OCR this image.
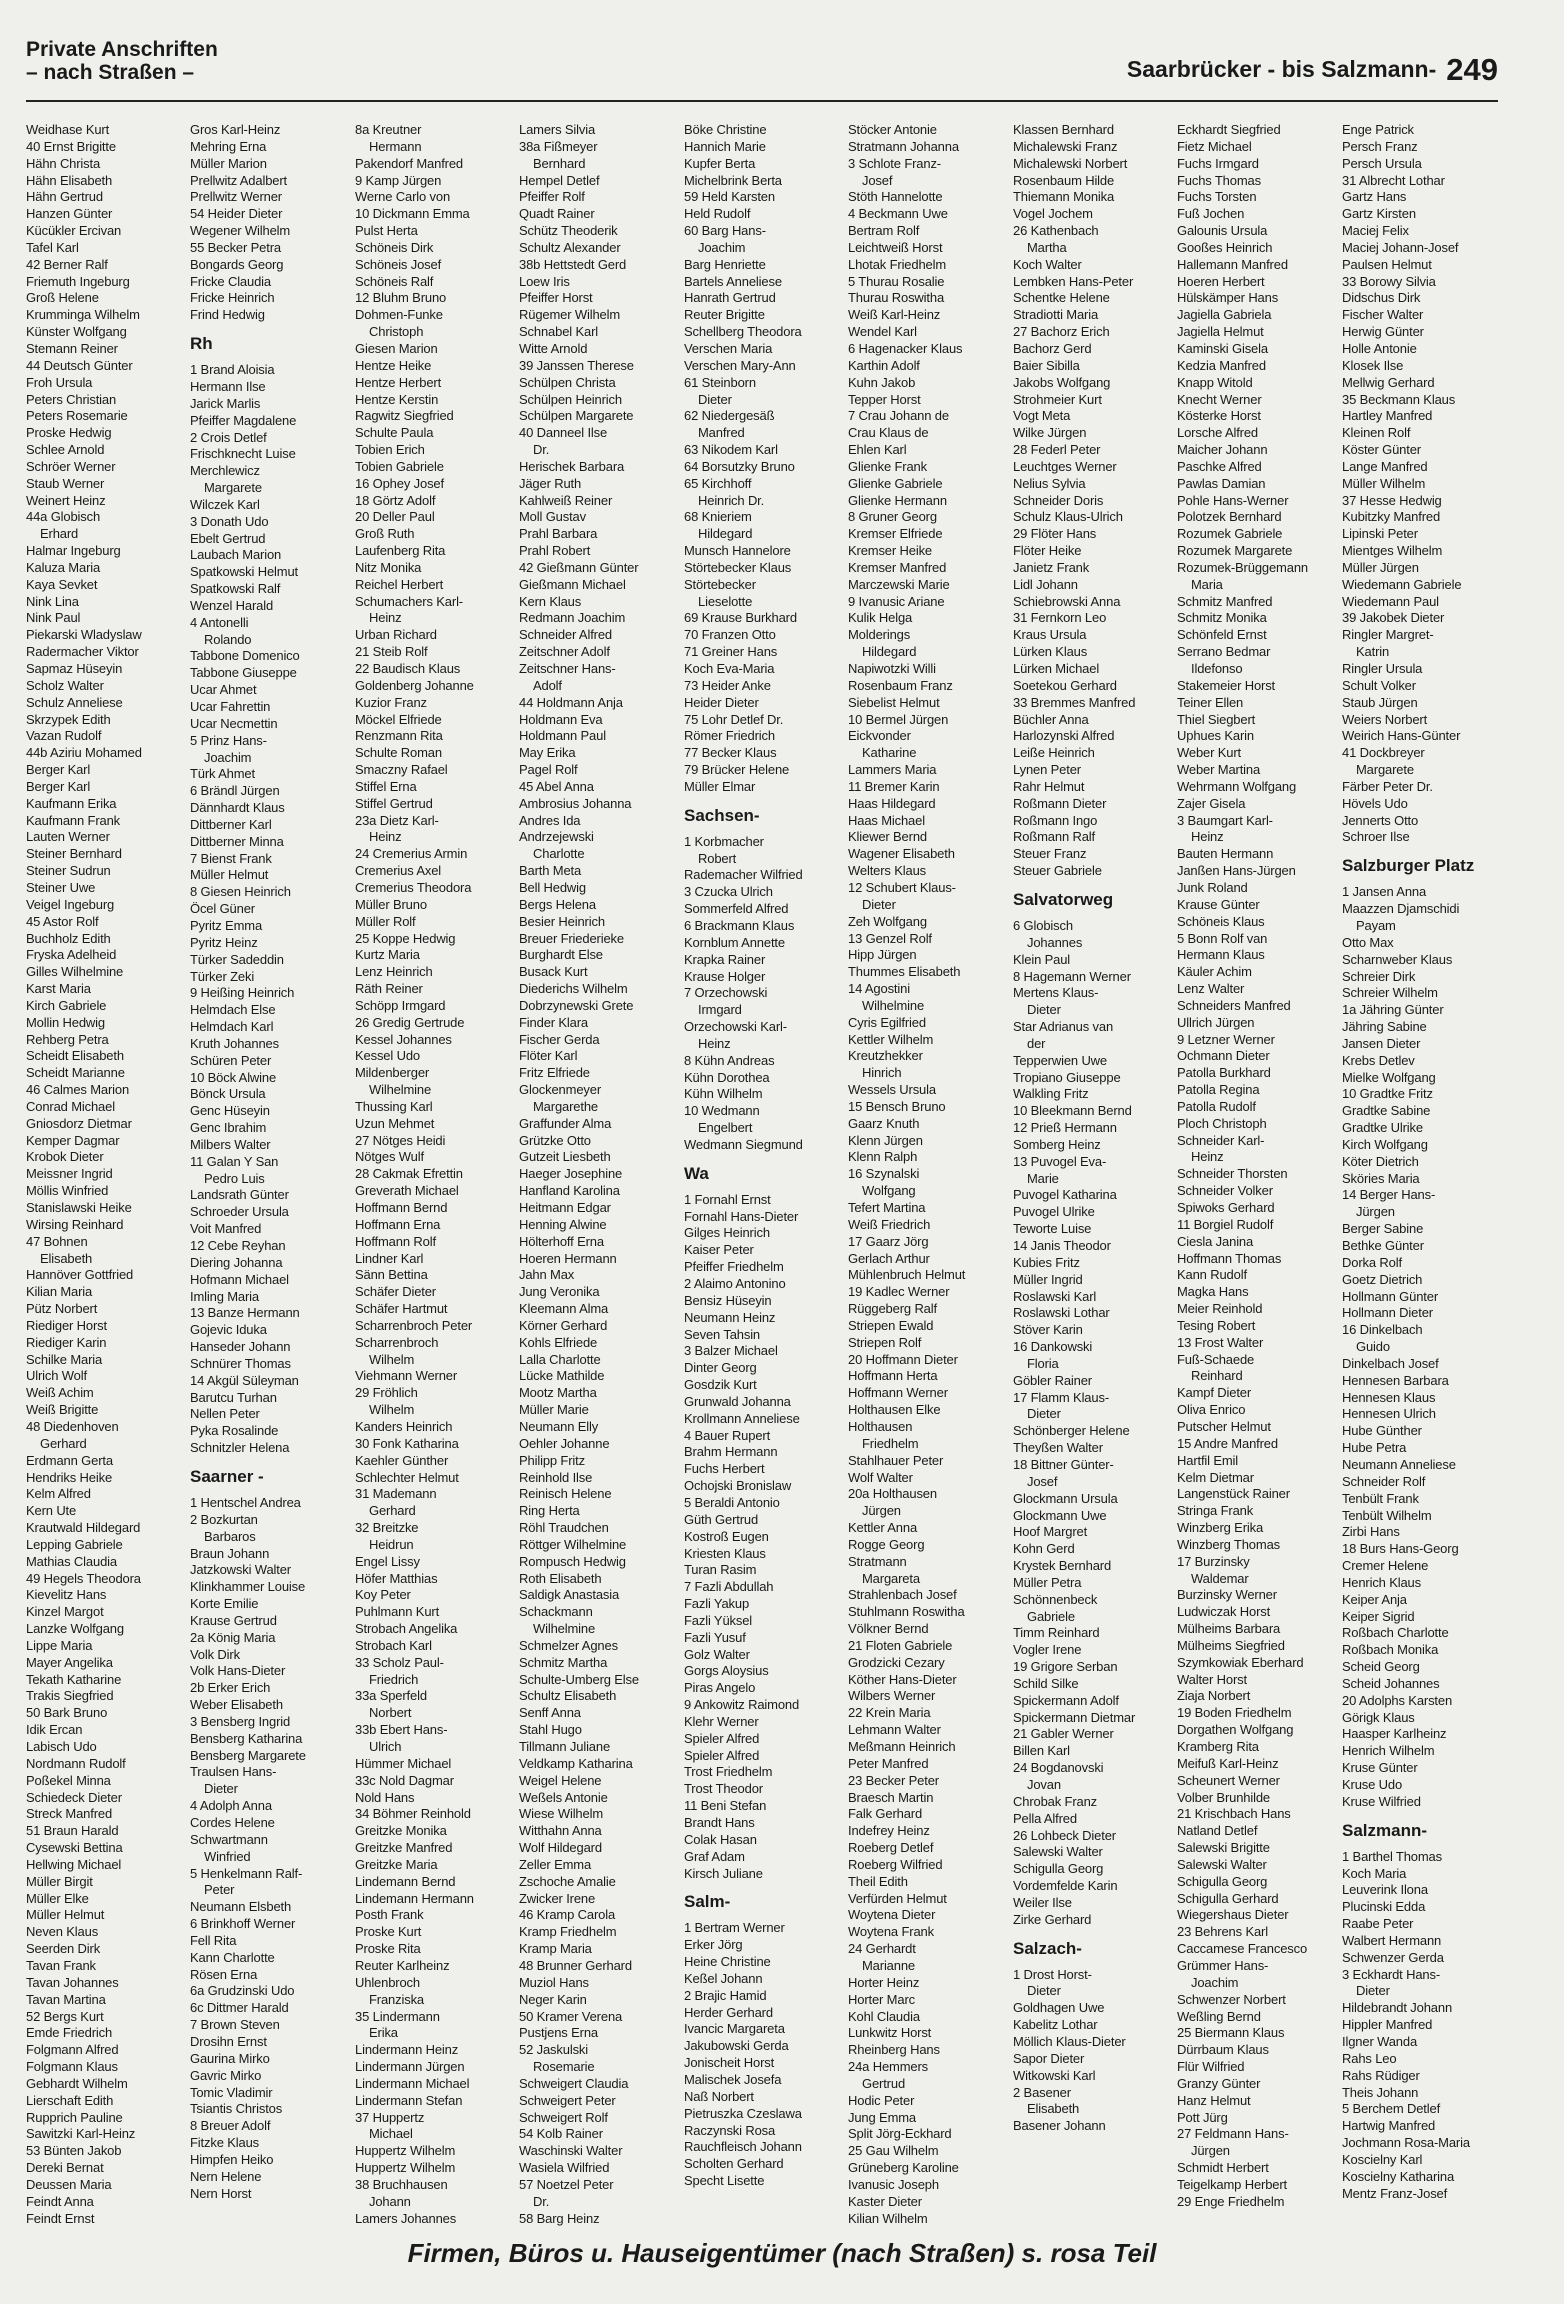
Private Anschriften
– nach Straßen –	Saarbrücker - bis Salzmann- 249
Weidhase Kurt
40 Ernst Brigitte
Hähn Christa
Hähn Elisabeth
Hähn Gertrud
Hanzen Günter
Kücükler Ercivan
Tafel Karl
42 Berner Ralf
Friemuth Ingeburg
Groß Helene
Krumminga Wilhelm
Künster Wolfgang
Stemann Reiner
44 Deutsch Günter
Froh Ursula
Peters Christian
Peters Rosemarie
Proske Hedwig
Schlee Arnold
Schröer Werner
Staub Werner
Weinert Heinz
44a Globisch
Erhard
Halmar Ingeburg
Kaluza Maria
Kaya Sevket
Nink Lina
Nink Paul
Piekarski Wladyslaw
Radermacher Viktor
Sapmaz Hüseyin
Scholz Walter
Schulz Anneliese
Skrzypek Edith
Vazan Rudolf
44b Aziriu Mohamed
Berger Karl
Berger Karl
Kaufmann Erika
Kaufmann Frank
Lauten Werner
Steiner Bernhard
Steiner Sudrun
Steiner Uwe
Veigel Ingeburg
45 Astor Rolf
Buchholz Edith
Fryska Adelheid
Gilles Wilhelmine
Karst Maria
Kirch Gabriele
Mollin Hedwig
Rehberg Petra
Scheidt Elisabeth
Scheidt Marianne
46 Calmes Marion
Conrad Michael
Gniosdorz Dietmar
Kemper Dagmar
Krobok Dieter
Meissner Ingrid
Möllis Winfried
Stanislawski Heike
Wirsing Reinhard
47 Bohnen
Elisabeth
Hannöver Gottfried
Kilian Maria
Pütz Norbert
Riediger Horst
Riediger Karin
Schilke Maria
Ulrich Wolf
Weiß Achim
Weiß Brigitte
48 Diedenhoven
Gerhard
Erdmann Gerta
Hendriks Heike
Kelm Alfred
Kern Ute
Krautwald Hildegard
Lepping Gabriele
Mathias Claudia
49 Hegels Theodora
Kievelitz Hans
Kinzel Margot
Lanzke Wolfgang
Lippe Maria
Mayer Angelika
Tekath Katharine
Trakis Siegfried
50 Bark Bruno
Idik Ercan
Labisch Udo
Nordmann Rudolf
Poßekel Minna
Schiedeck Dieter
Streck Manfred
51 Braun Harald
Cysewski Bettina
Hellwing Michael
Müller Birgit
Müller Elke
Müller Helmut
Neven Klaus
Seerden Dirk
Tavan Frank
Tavan Johannes
Tavan Martina
52 Bergs Kurt
Emde Friedrich
Folgmann Alfred
Folgmann Klaus
Gebhardt Wilhelm
Lierschaft Edith
Rupprich Pauline
Sawitzki Karl-Heinz
53 Bünten Jakob
Dereki Bernat
Deussen Maria
Feindt Anna
Feindt Ernst
Gros Karl-Heinz
Mehring Erna
Müller Marion
Prellwitz Adalbert
Prellwitz Werner
54 Heider Dieter
Wegener Wilhelm
55 Becker Petra
Bongards Georg
Fricke Claudia
Fricke Heinrich
Frind Hedwig
Rh
1 Brand Aloisia
Hermann Ilse
Jarick Marlis
Pfeiffer Magdalene
2 Crois Detlef
Frischknecht Luise
Merchlewicz
Margarete
Wilczek Karl
3 Donath Udo
Ebelt Gertrud
Laubach Marion
Spatkowski Helmut
Spatkowski Ralf
Wenzel Harald
4 Antonelli
Rolando
Tabbone Domenico
Tabbone Giuseppe
Ucar Ahmet
Ucar Fahrettin
Ucar Necmettin
5 Prinz Hans-
Joachim
Türk Ahmet
6 Brändl Jürgen
Dännhardt Klaus
Dittberner Karl
Dittberner Minna
7 Bienst Frank
Müller Helmut
8 Giesen Heinrich
Öcel Güner
Pyritz Emma
Pyritz Heinz
Türker Sadeddin
Türker Zeki
9 Heißing Heinrich
Helmdach Else
Helmdach Karl
Kruth Johannes
Schüren Peter
10 Böck Alwine
Bönck Ursula
Genc Hüseyin
Genc Ibrahim
Milbers Walter
11 Galan Y San
Pedro Luis
Landsrath Günter
Schroeder Ursula
Voit Manfred
12 Cebe Reyhan
Diering Johanna
Hofmann Michael
Imling Maria
13 Banze Hermann
Gojevic Iduka
Hanseder Johann
Schnürer Thomas
14 Akgül Süleyman
Barutcu Turhan
Nellen Peter
Pyka Rosalinde
Schnitzler Helena
Saarner -
1 Hentschel Andrea
2 Bozkurtan
Barbaros
Braun Johann
Jatzkowski Walter
Klinkhammer Louise
Korte Emilie
Krause Gertrud
2a König Maria
Volk Dirk
Volk Hans-Dieter
2b Erker Erich
Weber Elisabeth
3 Bensberg Ingrid
Bensberg Katharina
Bensberg Margarete
Traulsen Hans-
Dieter
4 Adolph Anna
Cordes Helene
Schwartmann
Winfried
5 Henkelmann Ralf-
Peter
Neumann Elsbeth
6 Brinkhoff Werner
Fell Rita
Kann Charlotte
Rösen Erna
6a Grudzinski Udo
6c Dittmer Harald
7 Brown Steven
Drosihn Ernst
Gaurina Mirko
Gavric Mirko
Tomic Vladimir
Tsiantis Christos
8 Breuer Adolf
Fitzke Klaus
Himpfen Heiko
Nern Helene
Nern Horst
8a Kreutner
Hermann
Pakendorf Manfred
9 Kamp Jürgen
Werne Carlo von
10 Dickmann Emma
Pulst Herta
Schöneis Dirk
Schöneis Josef
Schöneis Ralf
12 Bluhm Bruno
Dohmen-Funke
Christoph
Giesen Marion
Hentze Heike
Hentze Herbert
Hentze Kerstin
Ragwitz Siegfried
Schulte Paula
Tobien Erich
Tobien Gabriele
16 Ophey Josef
18 Görtz Adolf
20 Deller Paul
Groß Ruth
Laufenberg Rita
Nitz Monika
Reichel Herbert
Schumachers Karl-
Heinz
Urban Richard
21 Steib Rolf
22 Baudisch Klaus
Goldenberg Johanne
Kuzior Franz
Möckel Elfriede
Renzmann Rita
Schulte Roman
Smaczny Rafael
Stiffel Erna
Stiffel Gertrud
23a Dietz Karl-
Heinz
24 Cremerius Armin
Cremerius Axel
Cremerius Theodora
Müller Bruno
Müller Rolf
25 Koppe Hedwig
Kurtz Maria
Lenz Heinrich
Räth Reiner
Schöpp Irmgard
26 Gredig Gertrude
Kessel Johannes
Kessel Udo
Mildenberger
Wilhelmine
Thussing Karl
Uzun Mehmet
27 Nötges Heidi
Nötges Wulf
28 Cakmak Efrettin
Greverath Michael
Hoffmann Bernd
Hoffmann Erna
Hoffmann Rolf
Lindner Karl
Sänn Bettina
Schäfer Dieter
Schäfer Hartmut
Scharrenbroch Peter
Scharrenbroch
Wilhelm
Viehmann Werner
29 Fröhlich
Wilhelm
Kanders Heinrich
30 Fonk Katharina
Kaehler Günther
Schlechter Helmut
31 Mademann
Gerhard
32 Breitzke
Heidrun
Engel Lissy
Höfer Matthias
Koy Peter
Puhlmann Kurt
Strobach Angelika
Strobach Karl
33 Scholz Paul-
Friedrich
33a Sperfeld
Norbert
33b Ebert Hans-
Ulrich
Hümmer Michael
33c Nold Dagmar
Nold Hans
34 Böhmer Reinhold
Greitzke Monika
Greitzke Manfred
Greitzke Maria
Lindemann Bernd
Lindemann Hermann
Posth Frank
Proske Kurt
Proske Rita
Reuter Karlheinz
Uhlenbroch
Franziska
35 Lindermann
Erika
Lindermann Heinz
Lindermann Jürgen
Lindermann Michael
Lindermann Stefan
37 Huppertz
Michael
Huppertz Wilhelm
Huppertz Wilhelm
38 Bruchhausen
Johann
Lamers Johannes
Lamers Silvia
38a Fißmeyer
Bernhard
Hempel Detlef
Pfeiffer Rolf
Quadt Rainer
Schütz Theoderik
Schultz Alexander
38b Hettstedt Gerd
Loew Iris
Pfeiffer Horst
Rügemer Wilhelm
Schnabel Karl
Witte Arnold
39 Janssen Therese
Schülpen Christa
Schülpen Heinrich
Schülpen Margarete
40 Danneel Ilse
Dr.
Herischek Barbara
Jäger Ruth
Kahlweiß Reiner
Moll Gustav
Prahl Barbara
Prahl Robert
42 Gießmann Günter
Gießmann Michael
Kern Klaus
Redmann Joachim
Schneider Alfred
Zeitschner Adolf
Zeitschner Hans-
Adolf
44 Holdmann Anja
Holdmann Eva
Holdmann Paul
May Erika
Pagel Rolf
45 Abel Anna
Ambrosius Johanna
Andres Ida
Andrzejewski
Charlotte
Barth Meta
Bell Hedwig
Bergs Helena
Besier Heinrich
Breuer Friederieke
Burghardt Else
Busack Kurt
Diederichs Wilhelm
Dobrzynewski Grete
Finder Klara
Fischer Gerda
Flöter Karl
Fritz Elfriede
Glockenmeyer
Margarethe
Graffunder Alma
Grützke Otto
Gutzeit Liesbeth
Haeger Josephine
Hanfland Karolina
Heitmann Edgar
Henning Alwine
Hölterhoff Erna
Hoeren Hermann
Jahn Max
Jung Veronika
Kleemann Alma
Körner Gerhard
Kohls Elfriede
Lalla Charlotte
Lücke Mathilde
Mootz Martha
Müller Marie
Neumann Elly
Oehler Johanne
Philipp Fritz
Reinhold Ilse
Reinisch Helene
Ring Herta
Röhl Traudchen
Röttger Wilhelmine
Rompusch Hedwig
Roth Elisabeth
Saldigk Anastasia
Schackmann
Wilhelmine
Schmelzer Agnes
Schmitz Martha
Schulte-Umberg Else
Schultz Elisabeth
Senff Anna
Stahl Hugo
Tillmann Juliane
Veldkamp Katharina
Weigel Helene
Weßels Antonie
Wiese Wilhelm
Witthahn Anna
Wolf Hildegard
Zeller Emma
Zschoche Amalie
Zwicker Irene
46 Kramp Carola
Kramp Friedhelm
Kramp Maria
48 Brunner Gerhard
Muziol Hans
Neger Karin
50 Kramer Verena
Pustjens Erna
52 Jaskulski
Rosemarie
Schweigert Claudia
Schweigert Peter
Schweigert Rolf
54 Kolb Rainer
Waschinski Walter
Wasiela Wilfried
57 Noetzel Peter
Dr.
58 Barg Heinz
Böke Christine
Hannich Marie
Kupfer Berta
Michelbrink Berta
59 Held Karsten
Held Rudolf
60 Barg Hans-
Joachim
Barg Henriette
Bartels Anneliese
Hanrath Gertrud
Reuter Brigitte
Schellberg Theodora
Verschen Maria
Verschen Mary-Ann
61 Steinborn
Dieter
62 Niedergesäß
Manfred
63 Nikodem Karl
64 Borsutzky Bruno
65 Kirchhoff
Heinrich Dr.
68 Knieriem
Hildegard
Munsch Hannelore
Störtebecker Klaus
Störtebecker
Lieselotte
69 Krause Burkhard
70 Franzen Otto
71 Greiner Hans
Koch Eva-Maria
73 Heider Anke
Heider Dieter
75 Lohr Detlef Dr.
Römer Friedrich
77 Becker Klaus
79 Brücker Helene
Müller Elmar
Sachsen-
1 Korbmacher
Robert
Rademacher Wilfried
3 Czucka Ulrich
Sommerfeld Alfred
6 Brackmann Klaus
Kornblum Annette
Krapka Rainer
Krause Holger
7 Orzechowski
Irmgard
Orzechowski Karl-
Heinz
8 Kühn Andreas
Kühn Dorothea
Kühn Wilhelm
10 Wedmann
Engelbert
Wedmann Siegmund
Wa
1 Fornahl Ernst
Fornahl Hans-Dieter
Gilges Heinrich
Kaiser Peter
Pfeiffer Friedhelm
2 Alaimo Antonino
Bensiz Hüseyin
Neumann Heinz
Seven Tahsin
3 Balzer Michael
Dinter Georg
Gosdzik Kurt
Grunwald Johanna
Krollmann Anneliese
4 Bauer Rupert
Brahm Hermann
Fuchs Herbert
Ochojski Bronislaw
5 Beraldi Antonio
Güth Gertrud
Kostroß Eugen
Kriesten Klaus
Turan Rasim
7 Fazli Abdullah
Fazli Yakup
Fazli Yüksel
Fazli Yusuf
Golz Walter
Gorgs Aloysius
Piras Angelo
9 Ankowitz Raimond
Klehr Werner
Spieler Alfred
Spieler Alfred
Trost Friedhelm
Trost Theodor
11 Beni Stefan
Brandt Hans
Colak Hasan
Graf Adam
Kirsch Juliane
Salm-
1 Bertram Werner
Erker Jörg
Heine Christine
Keßel Johann
2 Brajic Hamid
Herder Gerhard
Ivancic Margareta
Jakubowski Gerda
Jonischeit Horst
Malischek Josefa
Naß Norbert
Pietruszka Czeslawa
Raczynski Rosa
Rauchfleisch Johann
Scholten Gerhard
Specht Lisette
Stöcker Antonie
Stratmann Johanna
3 Schlote Franz-
Josef
Stöth Hannelotte
4 Beckmann Uwe
Bertram Rolf
Leichtweiß Horst
Lhotak Friedhelm
5 Thurau Rosalie
Thurau Roswitha
Weiß Karl-Heinz
Wendel Karl
6 Hagenacker Klaus
Karthin Adolf
Kuhn Jakob
Tepper Horst
7 Crau Johann de
Crau Klaus de
Ehlen Karl
Glienke Frank
Glienke Gabriele
Glienke Hermann
8 Gruner Georg
Kremser Elfriede
Kremser Heike
Kremser Manfred
Marczewski Marie
9 Ivanusic Ariane
Kulik Helga
Molderings
Hildegard
Napiwotzki Willi
Rosenbaum Franz
Siebelist Helmut
10 Bermel Jürgen
Eickvonder
Katharine
Lammers Maria
11 Bremer Karin
Haas Hildegard
Haas Michael
Kliewer Bernd
Wagener Elisabeth
Welters Klaus
12 Schubert Klaus-
Dieter
Zeh Wolfgang
13 Genzel Rolf
Hipp Jürgen
Thummes Elisabeth
14 Agostini
Wilhelmine
Cyris Egilfried
Kettler Wilhelm
Kreutzhekker
Hinrich
Wessels Ursula
15 Bensch Bruno
Gaarz Knuth
Klenn Jürgen
Klenn Ralph
16 Szynalski
Wolfgang
Tefert Martina
Weiß Friedrich
17 Gaarz Jörg
Gerlach Arthur
Mühlenbruch Helmut
19 Kadlec Werner
Rüggeberg Ralf
Striepen Ewald
Striepen Rolf
20 Hoffmann Dieter
Hoffmann Herta
Hoffmann Werner
Holthausen Elke
Holthausen
Friedhelm
Stahlhauer Peter
Wolf Walter
20a Holthausen
Jürgen
Kettler Anna
Rogge Georg
Stratmann
Margareta
Strahlenbach Josef
Stuhlmann Roswitha
Völkner Bernd
21 Floten Gabriele
Grodzicki Cezary
Köther Hans-Dieter
Wilbers Werner
22 Krein Maria
Lehmann Walter
Meßmann Heinrich
Peter Manfred
23 Becker Peter
Braesch Martin
Falk Gerhard
Indefrey Heinz
Roeberg Detlef
Roeberg Wilfried
Theil Edith
Verfürden Helmut
Woytena Dieter
Woytena Frank
24 Gerhardt
Marianne
Horter Heinz
Horter Marc
Kohl Claudia
Lunkwitz Horst
Rheinberg Hans
24a Hemmers
Gertrud
Hodic Peter
Jung Emma
Split Jörg-Eckhard
25 Gau Wilhelm
Grüneberg Karoline
Ivanusic Joseph
Kaster Dieter
Kilian Wilhelm
Klassen Bernhard
Michalewski Franz
Michalewski Norbert
Rosenbaum Hilde
Thiemann Monika
Vogel Jochem
26 Kathenbach
Martha
Koch Walter
Lembken Hans-Peter
Schentke Helene
Stradiotti Maria
27 Bachorz Erich
Bachorz Gerd
Baier Sibilla
Jakobs Wolfgang
Strohmeier Kurt
Vogt Meta
Wilke Jürgen
28 Federl Peter
Leuchtges Werner
Nelius Sylvia
Schneider Doris
Schulz Klaus-Ulrich
29 Flöter Hans
Flöter Heike
Janietz Frank
Lidl Johann
Schiebrowski Anna
31 Fernkorn Leo
Kraus Ursula
Lürken Klaus
Lürken Michael
Soetekou Gerhard
33 Bremmes Manfred
Büchler Anna
Harlozynski Alfred
Leiße Heinrich
Lynen Peter
Rahr Helmut
Roßmann Dieter
Roßmann Ingo
Roßmann Ralf
Steuer Franz
Steuer Gabriele
Salvatorweg
6 Globisch
Johannes
Klein Paul
8 Hagemann Werner
Mertens Klaus-
Dieter
Star Adrianus van
der
Tepperwien Uwe
Tropiano Giuseppe
Walkling Fritz
10 Bleekmann Bernd
12 Prieß Hermann
Somberg Heinz
13 Puvogel Eva-
Marie
Puvogel Katharina
Puvogel Ulrike
Teworte Luise
14 Janis Theodor
Kubies Fritz
Müller Ingrid
Roslawski Karl
Roslawski Lothar
Stöver Karin
16 Dankowski
Floria
Göbler Rainer
17 Flamm Klaus-
Dieter
Schönberger Helene
Theyßen Walter
18 Bittner Günter-
Josef
Glockmann Ursula
Glockmann Uwe
Hoof Margret
Kohn Gerd
Krystek Bernhard
Müller Petra
Schönnenbeck
Gabriele
Timm Reinhard
Vogler Irene
19 Grigore Serban
Schild Silke
Spickermann Adolf
Spickermann Dietmar
21 Gabler Werner
Billen Karl
24 Bogdanovski
Jovan
Chrobak Franz
Pella Alfred
26 Lohbeck Dieter
Salewski Walter
Schigulla Georg
Vordemfelde Karin
Weiler Ilse
Zirke Gerhard
Salzach-
1 Drost Horst-
Dieter
Goldhagen Uwe
Kabelitz Lothar
Möllich Klaus-Dieter
Sapor Dieter
Witkowski Karl
2 Basener
Elisabeth
Basener Johann
Eckhardt Siegfried
Fietz Michael
Fuchs Irmgard
Fuchs Thomas
Fuchs Torsten
Fuß Jochen
Galounis Ursula
Gooßes Heinrich
Hallemann Manfred
Hoeren Herbert
Hülskämper Hans
Jagiella Gabriela
Jagiella Helmut
Kaminski Gisela
Kedzia Manfred
Knapp Witold
Knecht Werner
Kösterke Horst
Lorsche Alfred
Maicher Johann
Paschke Alfred
Pawlas Damian
Pohle Hans-Werner
Polotzek Bernhard
Rozumek Gabriele
Rozumek Margarete
Rozumek-Brüggemann
Maria
Schmitz Manfred
Schmitz Monika
Schönfeld Ernst
Serrano Bedmar
Ildefonso
Stakemeier Horst
Teiner Ellen
Thiel Siegbert
Uphues Karin
Weber Kurt
Weber Martina
Wehrmann Wolfgang
Zajer Gisela
3 Baumgart Karl-
Heinz
Bauten Hermann
Janßen Hans-Jürgen
Junk Roland
Krause Günter
Schöneis Klaus
5 Bonn Rolf van
Hermann Klaus
Käuler Achim
Lenz Walter
Schneiders Manfred
Ullrich Jürgen
9 Letzner Werner
Ochmann Dieter
Patolla Burkhard
Patolla Regina
Patolla Rudolf
Ploch Christoph
Schneider Karl-
Heinz
Schneider Thorsten
Schneider Volker
Spiwoks Gerhard
11 Borgiel Rudolf
Ciesla Janina
Hoffmann Thomas
Kann Rudolf
Magka Hans
Meier Reinhold
Tesing Robert
13 Frost Walter
Fuß-Schaede
Reinhard
Kampf Dieter
Oliva Enrico
Putscher Helmut
15 Andre Manfred
Hartfil Emil
Kelm Dietmar
Langenstück Rainer
Stringa Frank
Winzberg Erika
Winzberg Thomas
17 Burzinsky
Waldemar
Burzinsky Werner
Ludwiczak Horst
Mülheims Barbara
Mülheims Siegfried
Szymkowiak Eberhard
Walter Horst
Ziaja Norbert
19 Boden Friedhelm
Dorgathen Wolfgang
Kramberg Rita
Meifuß Karl-Heinz
Scheunert Werner
Volber Brunhilde
21 Krischbach Hans
Natland Detlef
Salewski Brigitte
Salewski Walter
Schigulla Georg
Schigulla Gerhard
Wiegershaus Dieter
23 Behrens Karl
Caccamese Francesco
Grümmer Hans-
Joachim
Schwenzer Norbert
Weßling Bernd
25 Biermann Klaus
Dürrbaum Klaus
Flür Wilfried
Granzy Günter
Hanz Helmut
Pott Jürg
27 Feldmann Hans-
Jürgen
Schmidt Herbert
Teigelkamp Herbert
29 Enge Friedhelm
Enge Patrick
Persch Franz
Persch Ursula
31 Albrecht Lothar
Gartz Hans
Gartz Kirsten
Maciej Felix
Maciej Johann-Josef
Paulsen Helmut
33 Borowy Silvia
Didschus Dirk
Fischer Walter
Herwig Günter
Holle Antonie
Klosek Ilse
Mellwig Gerhard
35 Beckmann Klaus
Hartley Manfred
Kleinen Rolf
Köster Günter
Lange Manfred
Müller Wilhelm
37 Hesse Hedwig
Kubitzky Manfred
Lipinski Peter
Mientges Wilhelm
Müller Jürgen
Wiedemann Gabriele
Wiedemann Paul
39 Jakobek Dieter
Ringler Margret-
Katrin
Ringler Ursula
Schult Volker
Staub Jürgen
Weiers Norbert
Weirich Hans-Günter
41 Dockbreyer
Margarete
Färber Peter Dr.
Hövels Udo
Jennerts Otto
Schroer Ilse
Salzburger Platz
1 Jansen Anna
Maazzen Djamschidi
Payam
Otto Max
Scharnweber Klaus
Schreier Dirk
Schreier Wilhelm
1a Jähring Günter
Jähring Sabine
Jansen Dieter
Krebs Detlev
Mielke Wolfgang
10 Gradtke Fritz
Gradtke Sabine
Gradtke Ulrike
Kirch Wolfgang
Köter Dietrich
Sköries Maria
14 Berger Hans-
Jürgen
Berger Sabine
Bethke Günter
Dorka Rolf
Goetz Dietrich
Hollmann Günter
Hollmann Dieter
16 Dinkelbach
Guido
Dinkelbach Josef
Hennesen Barbara
Hennesen Klaus
Hennesen Ulrich
Hube Günther
Hube Petra
Neumann Anneliese
Schneider Rolf
Tenbült Frank
Tenbült Wilhelm
Zirbi Hans
18 Burs Hans-Georg
Cremer Helene
Henrich Klaus
Keiper Anja
Keiper Sigrid
Roßbach Charlotte
Roßbach Monika
Scheid Georg
Scheid Johannes
20 Adolphs Karsten
Görigk Klaus
Haasper Karlheinz
Henrich Wilhelm
Kruse Günter
Kruse Udo
Kruse Wilfried
Salzmann-
1 Barthel Thomas
Koch Maria
Leuverink Ilona
Plucinski Edda
Raabe Peter
Walbert Hermann
Schwenzer Gerda
3 Eckhardt Hans-
Dieter
Hildebrandt Johann
Hippler Manfred
Ilgner Wanda
Rahs Leo
Rahs Rüdiger
Theis Johann
5 Berchem Detlef
Hartwig Manfred
Jochmann Rosa-Maria
Koscielny Karl
Koscielny Katharina
Mentz Franz-Josef
Firmen, Büros u. Hauseigentümer (nach Straßen) s. rosa Teil
